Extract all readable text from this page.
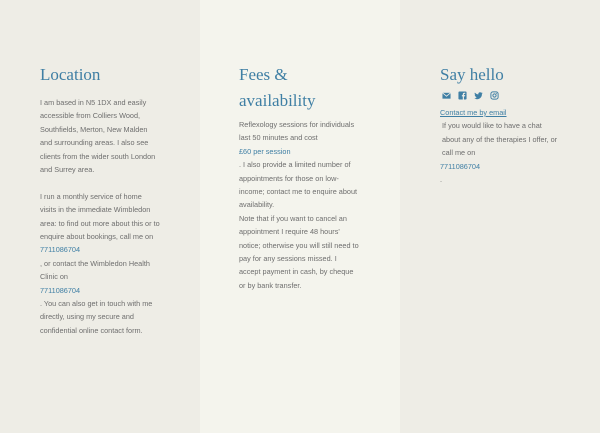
Location

I am based in N5 1DX and easily accessible from Colliers Wood, Southfields, Merton, New Malden and surrounding areas. I also see clients from the wider south London and Surrey area.

I run a monthly service of home visits in the immediate Wimbledon area: to find out more about this or to enquire about bookings, call me on

7711086704

, or contact the Wimbledon Health Clinic on

7711086704

. You can also get in touch with me directly, using my secure and confidential online contact form.

Fees & availability

Reflexology sessions for individuals last 50 minutes and cost

£60 per session

. I also provide a limited number of appointments for those on low-income; contact me to enquire about availability.

Note that if you want to cancel an appointment I require 48 hours' notice; otherwise you will still need to pay for any sessions missed. I accept payment in cash, by cheque or by bank transfer.

Say hello

Contact me by email

If you would like to have a chat about any of the therapies I offer, or call me on

7711086704

.
